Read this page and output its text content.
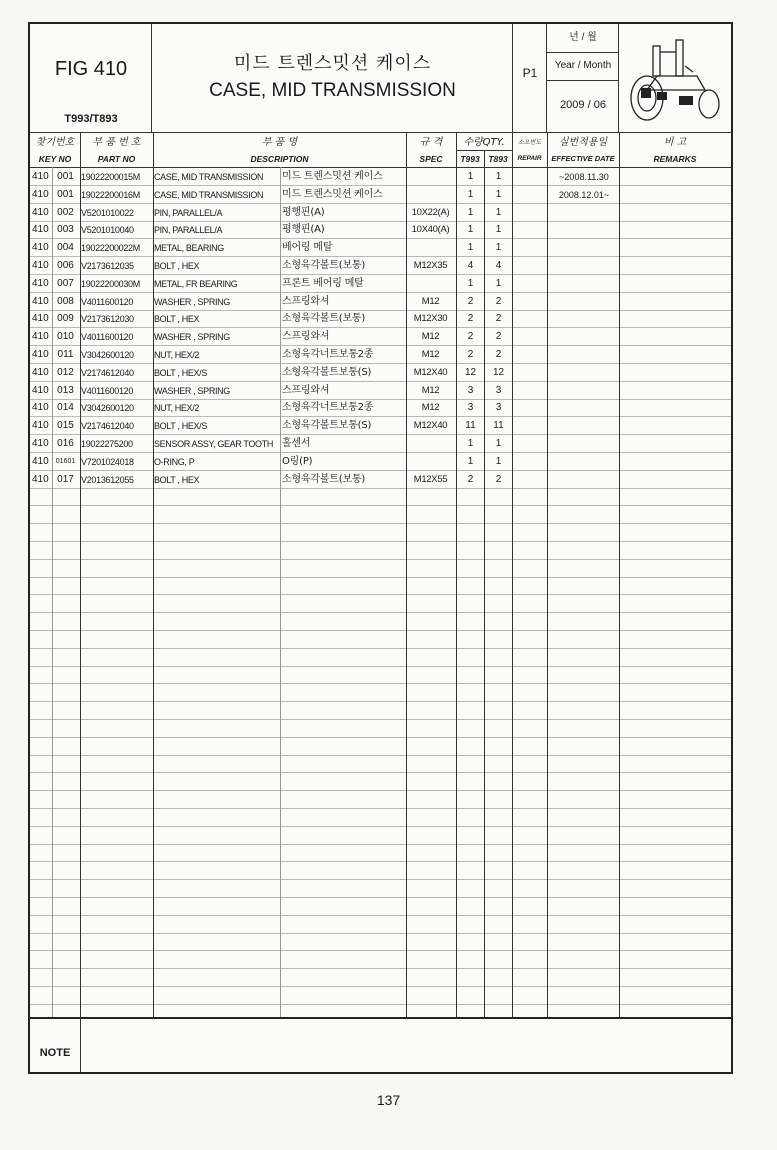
FIG 410
T993/T893
미드 트렌스밋션 케이스
CASE, MID TRANSMISSION
P1
년 / 월
Year / Month
2009 / 06
찾기번호
KEY NO
부 품 번 호
PART NO
부 품 명
DESCRIPTION
규 격
SPEC
수량QTY.
T993	T893
소요번도
REPAIR
실번적용일
EFFECTIVE DATE
비 고
REMARKS
410 001 19022200015M	CASE, MID TRANSMISSION	미드 트렌스밋션 케이스	1	1	~2008.11.30
410 001 19022200016M	CASE, MID TRANSMISSION	미드 트렌스밋션 케이스	1	1	2008.12.01~
410 002 V5201010022	PIN, PARALLEL/A	평행핀(A)	10X22(A)	1	1
410 003 V5201010040	PIN, PARALLEL/A	평행핀(A)	10X40(A)	1	1
410 004 19022200022M	METAL, BEARING	베어링 메탈	1	1
410 006 V2173612035	BOLT , HEX	소형육각볼트(보통)	M12X35	4	4
410 007 19022200030M	METAL, FR BEARING	프론트 베어링 메탈	1	1
410 008 V4011600120	WASHER , SPRING	스프링와셔	M12	2	2
410 009 V2173612030	BOLT , HEX	소형육각볼트(보통)	M12X30	2	2
410 010 V4011600120	WASHER , SPRING	스프링와셔	M12	2	2
410 011 V3042600120	NUT, HEX/2	소형육각너트보통2종	M12	2	2
410 012 V2174612040	BOLT , HEX/S	소형육각볼트보통(S)	M12X40	12	12
410 013 V4011600120	WASHER , SPRING	스프링와셔	M12	3	3
410 014 V3042600120	NUT, HEX/2	소형육각너트보통2종	M12	3	3
410 015 V2174612040	BOLT , HEX/S	소형육각볼트보통(S)	M12X40	11	11
410 016 19022275200	SENSOR ASSY, GEAR TOOTH 홀센서	1	1
410	01601 V7201024018	O-RING, P	O링(P)	1	1
410 017 V2013612055	BOLT , HEX	소형육각볼트(보통)	M12X55	2	2
NOTE
137
